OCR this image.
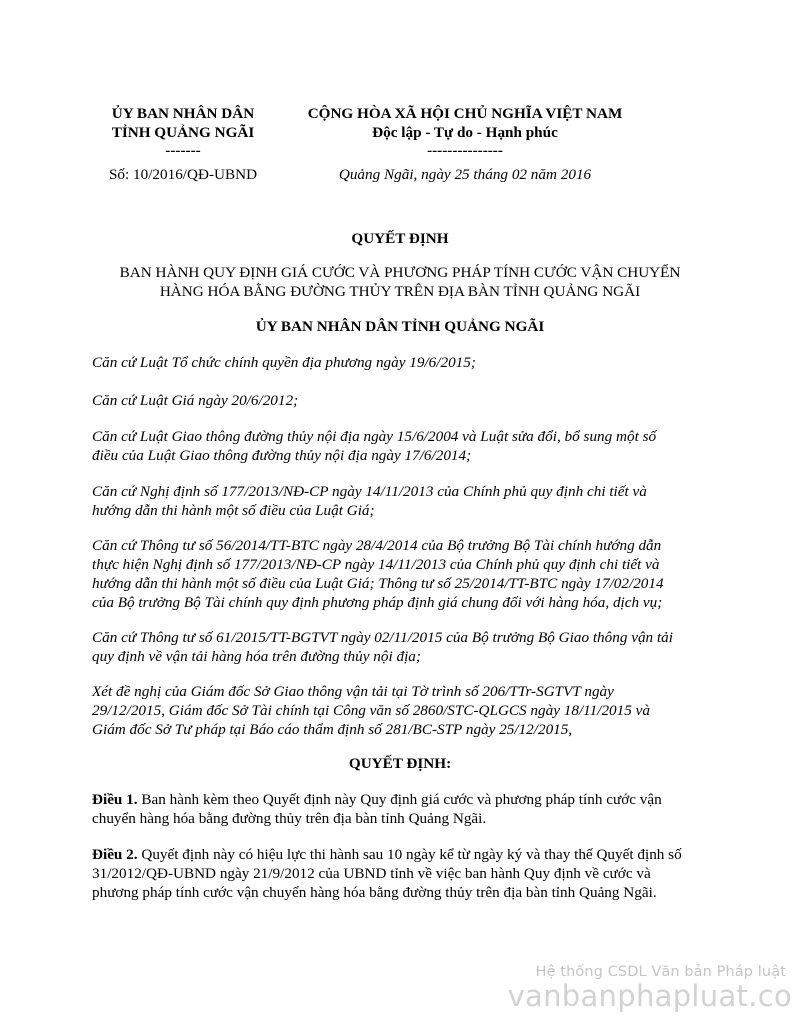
ỦY BAN NHÂN DÂN
TỈNH QUẢNG NGÃI
-------
Số: 10/2016/QĐ-UBND
CỘNG HÒA XÃ HỘI CHỦ NGHĨA VIỆT NAM
Độc lập - Tự do - Hạnh phúc
---------------
Quảng Ngãi, ngày 25 tháng 02 năm 2016
QUYẾT ĐỊNH
BAN HÀNH QUY ĐỊNH GIÁ CƯỚC VÀ PHƯƠNG PHÁP TÍNH CƯỚC VẬN CHUYỂN
HÀNG HÓA BẰNG ĐƯỜNG THỦY TRÊN ĐỊA BÀN TỈNH QUẢNG NGÃI
ỦY BAN NHÂN DÂN TỈNH QUẢNG NGÃI
Căn cứ Luật Tổ chức chính quyền địa phương ngày 19/6/2015;
Căn cứ Luật Giá ngày 20/6/2012;
Căn cứ Luật Giao thông đường thủy nội địa ngày 15/6/2004 và Luật sửa đổi, bổ sung một số
điều của Luật Giao thông đường thủy nội địa ngày 17/6/2014;
Căn cứ Nghị định số 177/2013/NĐ-CP ngày 14/11/2013 của Chính phủ quy định chi tiết và
hướng dẫn thi hành một số điều của Luật Giá;
Căn cứ Thông tư số 56/2014/TT-BTC ngày 28/4/2014 của Bộ trưởng Bộ Tài chính hướng dẫn
thực hiện Nghị định số 177/2013/NĐ-CP ngày 14/11/2013 của Chính phủ quy định chi tiết và
hướng dẫn thi hành một số điều của Luật Giá; Thông tư số 25/2014/TT-BTC ngày 17/02/2014
của Bộ trưởng Bộ Tài chính quy định phương pháp định giá chung đối với hàng hóa, dịch vụ;
Căn cứ Thông tư số 61/2015/TT-BGTVT ngày 02/11/2015 của Bộ trưởng Bộ Giao thông vận tải
quy định về vận tải hàng hóa trên đường thủy nội địa;
Xét đề nghị của Giám đốc Sở Giao thông vận tải tại Tờ trình số 206/TTr-SGTVT ngày
29/12/2015, Giám đốc Sở Tài chính tại Công văn số 2860/STC-QLGCS ngày 18/11/2015 và
Giám đốc Sở Tư pháp tại Báo cáo thẩm định số 281/BC-STP ngày 25/12/2015,
QUYẾT ĐỊNH:
Điều 1. Ban hành kèm theo Quyết định này Quy định giá cước và phương pháp tính cước vận
chuyển hàng hóa bằng đường thủy trên địa bàn tỉnh Quảng Ngãi.
Điều 2. Quyết định này có hiệu lực thi hành sau 10 ngày kể từ ngày ký và thay thế Quyết định số
31/2012/QĐ-UBND ngày 21/9/2012 của UBND tỉnh về việc ban hành Quy định về cước và
phương pháp tính cước vận chuyển hàng hóa bằng đường thủy trên địa bàn tỉnh Quảng Ngãi.
Hệ thống CSDL Văn bản Pháp luật
vanbanphapluat.co
